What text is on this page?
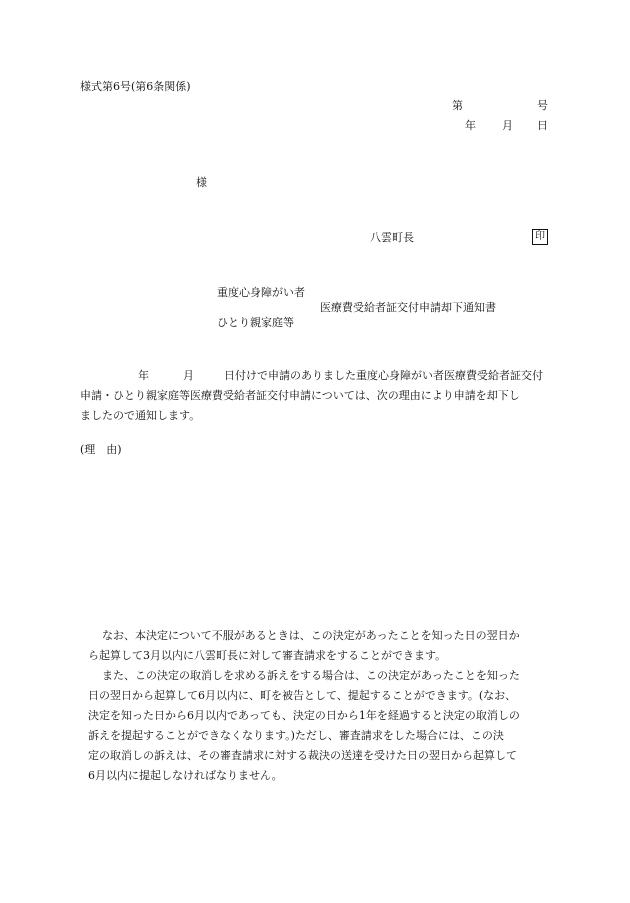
様式第6号(第6条関係)
第	号
年 月 日
様
八雲町長	印
重度心身障がい者
医療費受給者証交付申請却下通知書
ひとり親家庭等
年	月	日付けで申請のありました重度心身障がい者医療費受給者証交付
申請・ひとり親家庭等医療費受給者証交付申請については、次の理由により申請を却下し
ましたので通知します。
(理　由)
なお、本決定について不服があるときは、この決定があったことを知った日の翌日か
ら起算して3月以内に八雲町長に対して審査請求をすることができます。
また、この決定の取消しを求める訴えをする場合は、この決定があったことを知った
日の翌日から起算して6月以内に、町を被告として、提起することができます。(なお、
決定を知った日から6月以内であっても、決定の日から1年を経過すると決定の取消しの
訴えを提起することができなくなります。)ただし、審査請求をした場合には、この決
定の取消しの訴えは、その審査請求に対する裁決の送達を受けた日の翌日から起算して
6月以内に提起しなければなりません。
